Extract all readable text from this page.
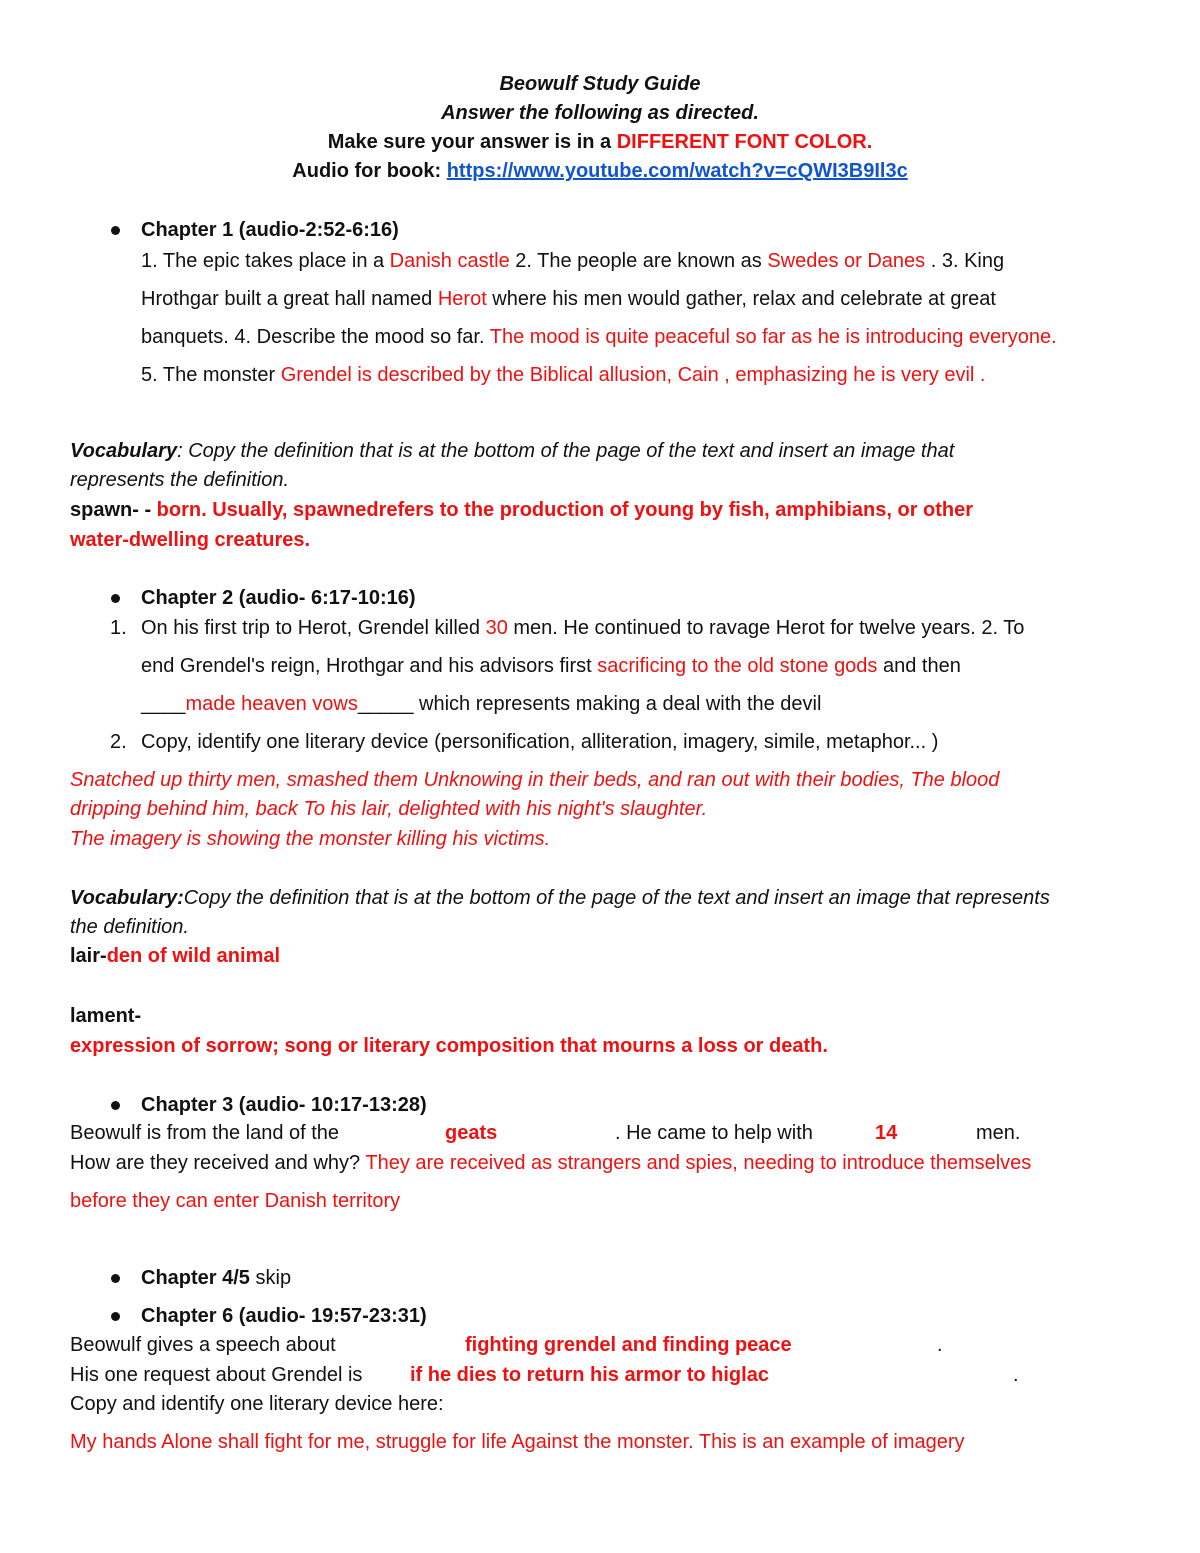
Beowulf Study Guide
Answer the following as directed.
Make sure your answer is in a DIFFERENT FONT COLOR.
Audio for book: https://www.youtube.com/watch?v=cQWI3B9Il3c
Chapter 1 (audio-2:52-6:16)
1. The epic takes place in a Danish castle 2. The people are known as Swedes or Danes . 3. King
Hrothgar built a great hall named Herot where his men would gather, relax and celebrate at great
banquets. 4. Describe the mood so far. The mood is quite peaceful so far as he is introducing everyone.
5. The monster Grendel is described by the Biblical allusion, Cain , emphasizing he is very evil .
Vocabulary: Copy the definition that is at the bottom of the page of the text and insert an image that
represents the definition.
spawn- - born. Usually, spawnedrefers to the production of young by fish, amphibians, or other
water-dwelling creatures.
Chapter 2 (audio- 6:17-10:16)
1. On his first trip to Herot, Grendel killed 30 men. He continued to ravage Herot for twelve years. 2. To
end Grendel's reign, Hrothgar and his advisors first sacrificing to the old stone gods and then
____made heaven vows_____ which represents making a deal with the devil
2. Copy, identify one literary device (personification, alliteration, imagery, simile, metaphor... )
Snatched up thirty men, smashed them Unknowing in their beds, and ran out with their bodies, The blood
dripping behind him, back To his lair, delighted with his night's slaughter.
The imagery is showing the monster killing his victims.
Vocabulary:Copy the definition that is at the bottom of the page of the text and insert an image that represents
the definition.
lair-den of wild animal
lament-
expression of sorrow; song or literary composition that mourns a loss or death.
Chapter 3 (audio- 10:17-13:28)
Beowulf is from the land of the	geats	. He came to help with	14	men.
How are they received and why? They are received as strangers and spies, needing to introduce themselves
before they can enter Danish territory
Chapter 4/5 skip
Chapter 6 (audio- 19:57-23:31)
Beowulf gives a speech about	fighting grendel and finding peace	.
His one request about Grendel is if he dies to return his armor to higlac	.
Copy and identify one literary device here:
My hands Alone shall fight for me, struggle for life Against the monster. This is an example of imagery
